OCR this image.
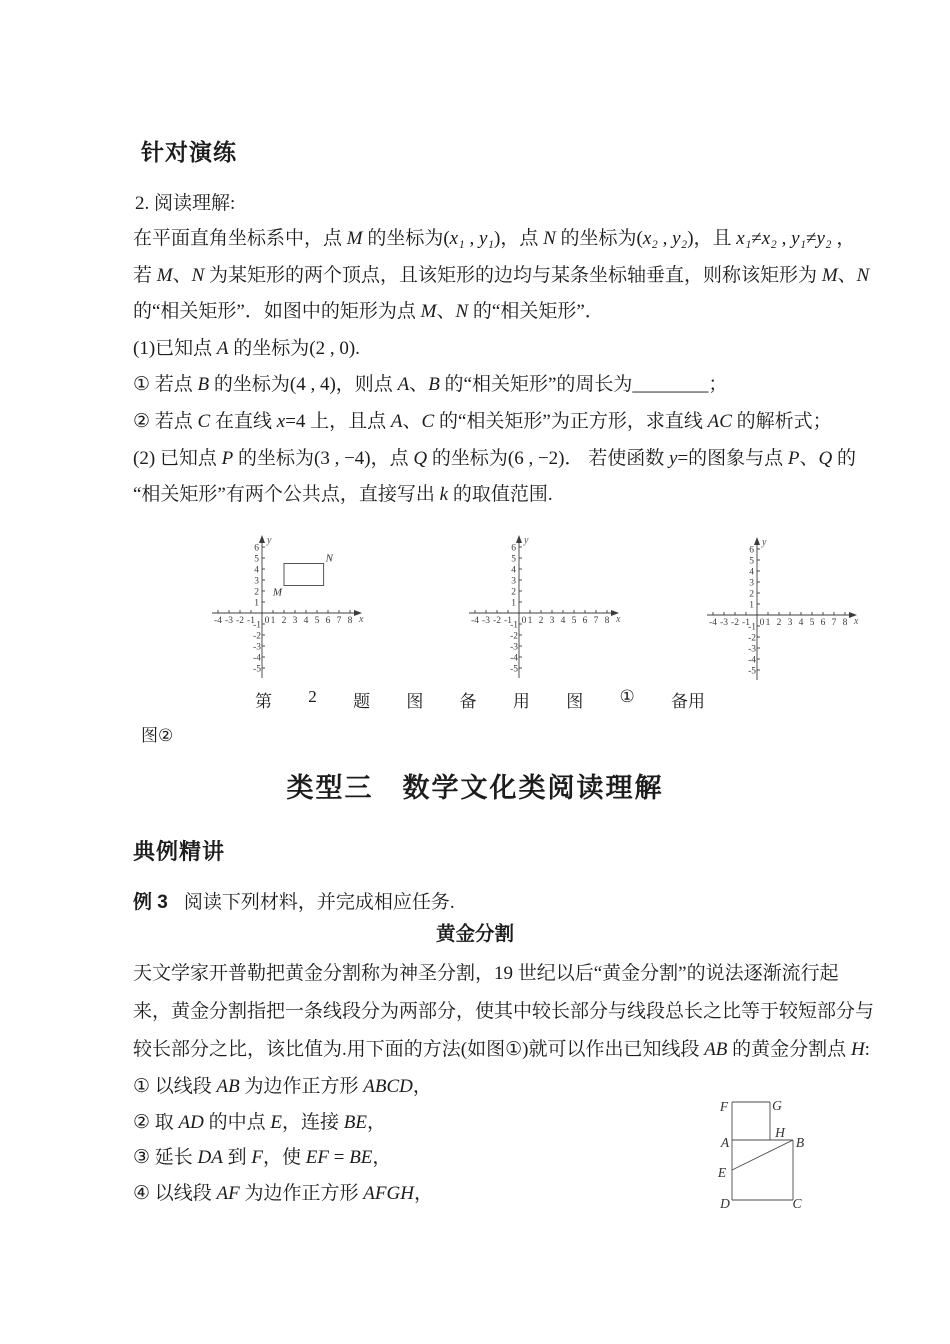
针对演练
2. 阅读理解:
在平面直角坐标系中，点 M 的坐标为(x₁ , y₁)，点 N 的坐标为(x₂ , y₂)，且 x₁≠x₂ , y₁≠y₂ ，
若 M、N 为某矩形的两个顶点，且该矩形的边均与某条坐标轴垂直，则称该矩形为 M、N
的“相关矩形”．如图中的矩形为点 M、N 的“相关矩形”．
(1)已知点 A 的坐标为(2 , 0).
① 若点 B 的坐标为(4 , 4)，则点 A、B 的“相关矩形”的周长为________；
② 若点 C 在直线 x=4 上，且点 A、C 的“相关矩形”为正方形，求直线 AC 的解析式；
(2) 已知点 P 的坐标为(3 , −4)，点 Q 的坐标为(6 , −2)． 若使函数 y=的图象与点 P、Q 的
“相关矩形”有两个公共点，直接写出 k 的取值范围.
-4 -3 -2 -1 0 1 2 3 4 5 6 7 8
1
2
3
4
5
6
-1
-2
-3
-4
-5
x
y
M
N
-4 -3 -2 -1 0 1 2 3 4 5 6 7 8
1
2
3
4
5
6
-1
-2
-3
-4
-5
x
y
-4 -3 -2 -1 0 1 2 3 4 5 6 7 8
1
2
3
4
5
6
-1
-2
-3
-4
-5
x
y
第 2 题 图 备 用 图 ① 备用
图②
类型三　数学文化类阅读理解
典例精讲
例 3 阅读下列材料，并完成相应任务.
黄金分割
天文学家开普勒把黄金分割称为神圣分割，19 世纪以后“黄金分割”的说法逐渐流行起
来，黄金分割指把一条线段分为两部分，使其中较长部分与线段总长之比等于较短部分与
较长部分之比，该比值为.用下面的方法(如图①)就可以作出已知线段 AB 的黄金分割点 H:
① 以线段 AB 为边作正方形 ABCD，
② 取 AD 的中点 E，连接 BE，
③ 延长 DA 到 F，使 EF = BE，
④ 以线段 AF 为边作正方形 AFGH，
F	G
A
H
B
E
D	C
